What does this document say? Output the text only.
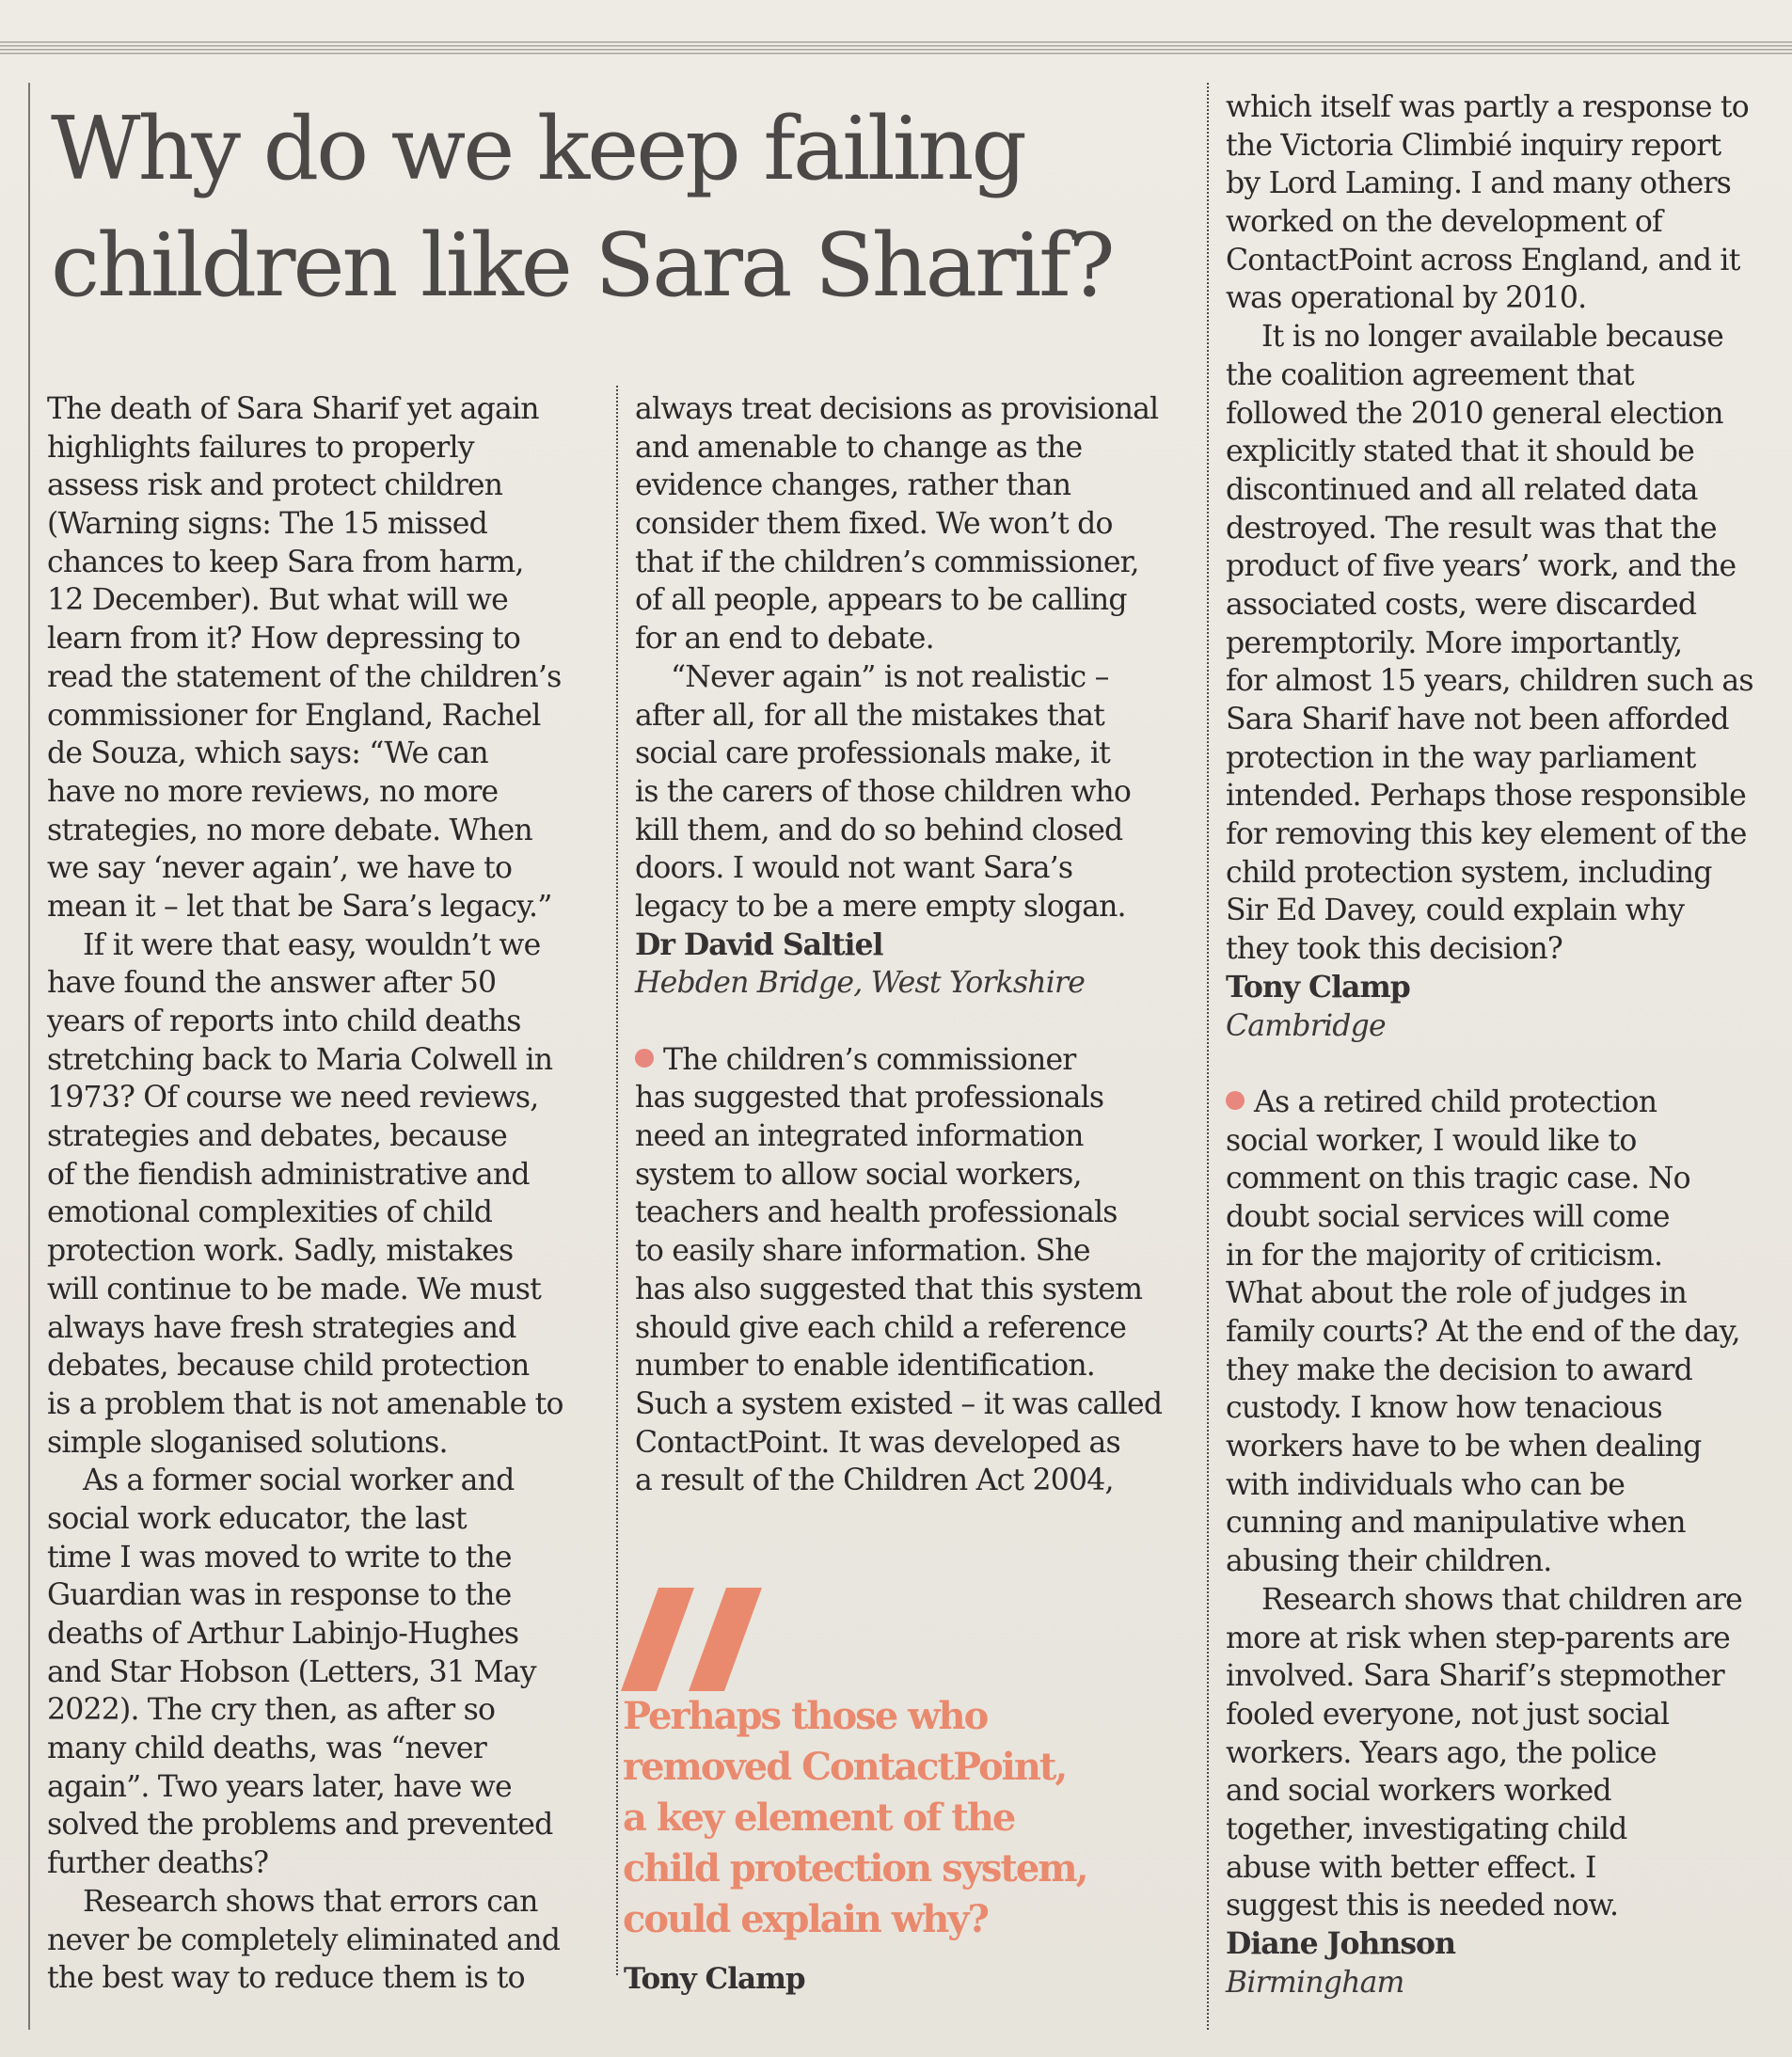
Why do we keep failing
children like Sara Sharif?
The death of Sara Sharif yet again
highlights failures to properly
assess risk and protect children
(Warning signs: The 15 missed
chances to keep Sara from harm,
12 December). But what will we
learn from it? How depressing to
read the statement of the children’s
commissioner for England, Rachel
de Souza, which says: “We can
have no more reviews, no more
strategies, no more debate. When
we say ‘never again’, we have to
mean it – let that be Sara’s legacy.”
If it were that easy, wouldn’t we
have found the answer after 50
years of reports into child deaths
stretching back to Maria Colwell in
1973? Of course we need reviews,
strategies and debates, because
of the fiendish administrative and
emotional complexities of child
protection work. Sadly, mistakes
will continue to be made. We must
always have fresh strategies and
debates, because child protection
is a problem that is not amenable to
simple sloganised solutions.
As a former social worker and
social work educator, the last
time I was moved to write to the
Guardian was in response to the
deaths of Arthur Labinjo-Hughes
and Star Hobson (Letters, 31 May
2022). The cry then, as after so
many child deaths, was “never
again”. Two years later, have we
solved the problems and prevented
further deaths?
Research shows that errors can
never be completely eliminated and
the best way to reduce them is to
always treat decisions as provisional
and amenable to change as the
evidence changes, rather than
consider them fixed. We won’t do
that if the children’s commissioner,
of all people, appears to be calling
for an end to debate.
“Never again” is not realistic –
after all, for all the mistakes that
social care professionals make, it
is the carers of those children who
kill them, and do so behind closed
doors. I would not want Sara’s
legacy to be a mere empty slogan.
Dr David Saltiel
Hebden Bridge, West Yorkshire
The children’s commissioner
has suggested that professionals
need an integrated information
system to allow social workers,
teachers and health professionals
to easily share information. She
has also suggested that this system
should give each child a reference
number to enable identification.
Such a system existed – it was called
ContactPoint. It was developed as
a result of the Children Act 2004,
Perhaps those who
removed ContactPoint,
a key element of the
child protection system,
could explain why?
Tony Clamp
which itself was partly a response to
the Victoria Climbié inquiry report
by Lord Laming. I and many others
worked on the development of
ContactPoint across England, and it
was operational by 2010.
It is no longer available because
the coalition agreement that
followed the 2010 general election
explicitly stated that it should be
discontinued and all related data
destroyed. The result was that the
product of five years’ work, and the
associated costs, were discarded
peremptorily. More importantly,
for almost 15 years, children such as
Sara Sharif have not been afforded
protection in the way parliament
intended. Perhaps those responsible
for removing this key element of the
child protection system, including
Sir Ed Davey, could explain why
they took this decision?
Tony Clamp
Cambridge
As a retired child protection
social worker, I would like to
comment on this tragic case. No
doubt social services will come
in for the majority of criticism.
What about the role of judges in
family courts? At the end of the day,
they make the decision to award
custody. I know how tenacious
workers have to be when dealing
with individuals who can be
cunning and manipulative when
abusing their children.
Research shows that children are
more at risk when step-parents are
involved. Sara Sharif’s stepmother
fooled everyone, not just social
workers. Years ago, the police
and social workers worked
together, investigating child
abuse with better effect. I
suggest this is needed now.
Diane Johnson
Birmingham
